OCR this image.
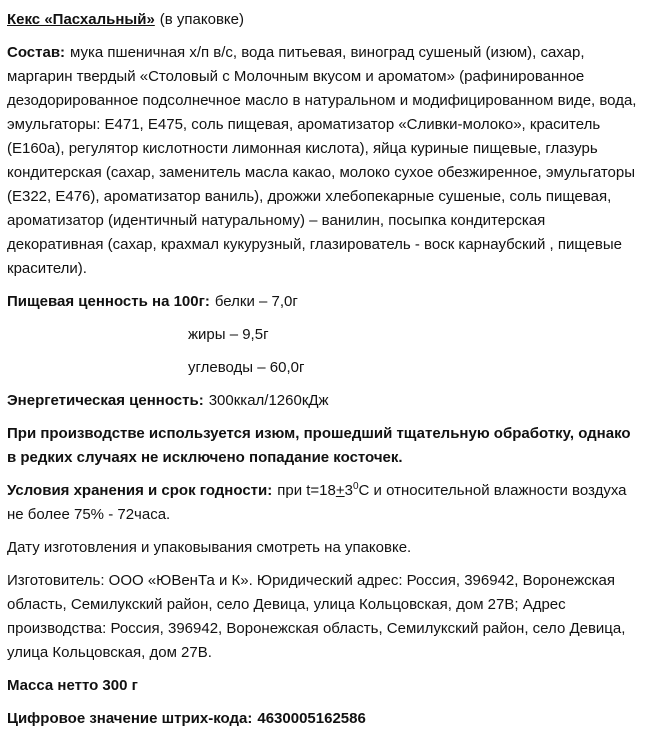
Кекс «Пасхальный» (в упаковке)

Состав: мука пшеничная х/п в/с, вода питьевая, виноград сушеный (изюм), сахар, маргарин твердый «Столовый с Молочным вкусом и ароматом» (рафинированное дезодорированное подсолнечное масло в натуральном и модифицированном виде, вода, эмульгаторы: Е471, Е475, соль пищевая, ароматизатор «Сливки-молоко», краситель (Е160а), регулятор кислотности лимонная кислота), яйца куриные пищевые, глазурь кондитерская (сахар, заменитель масла какао, молоко сухое обезжиренное, эмульгаторы (Е322, Е476), ароматизатор ваниль), дрожжи хлебопекарные сушеные, соль пищевая, ароматизатор (идентичный натуральному) – ванилин, посыпка кондитерская декоративная (сахар, крахмал кукурузный, глазирователь - воск карнаубский , пищевые красители).

Пищевая ценность на 100г: белки – 7,0г

жиры – 9,5г

углеводы – 60,0г

Энергетическая ценность: 300ккал/1260кДж

При производстве используется изюм, прошедший тщательную обработку, однако в редких случаях не исключено попадание косточек.

Условия хранения и срок годности: при $t=18+3^0С$ и относительной влажности воздуха не более 75% - 72часа.

Дату изготовления и упаковывания смотреть на упаковке.

Изготовитель: ООО «ЮВенТа и К». Юридический адрес: Россия, 396942, Воронежская область, Семилукский район, село Девица, улица Кольцовская, дом 27В; Адрес производства: Россия, 396942, Воронежская область, Семилукский район, село Девица, улица Кольцовская, дом 27В.

Масса нетто 300 г

Цифровое значение штрих-кода: 4630005162586
